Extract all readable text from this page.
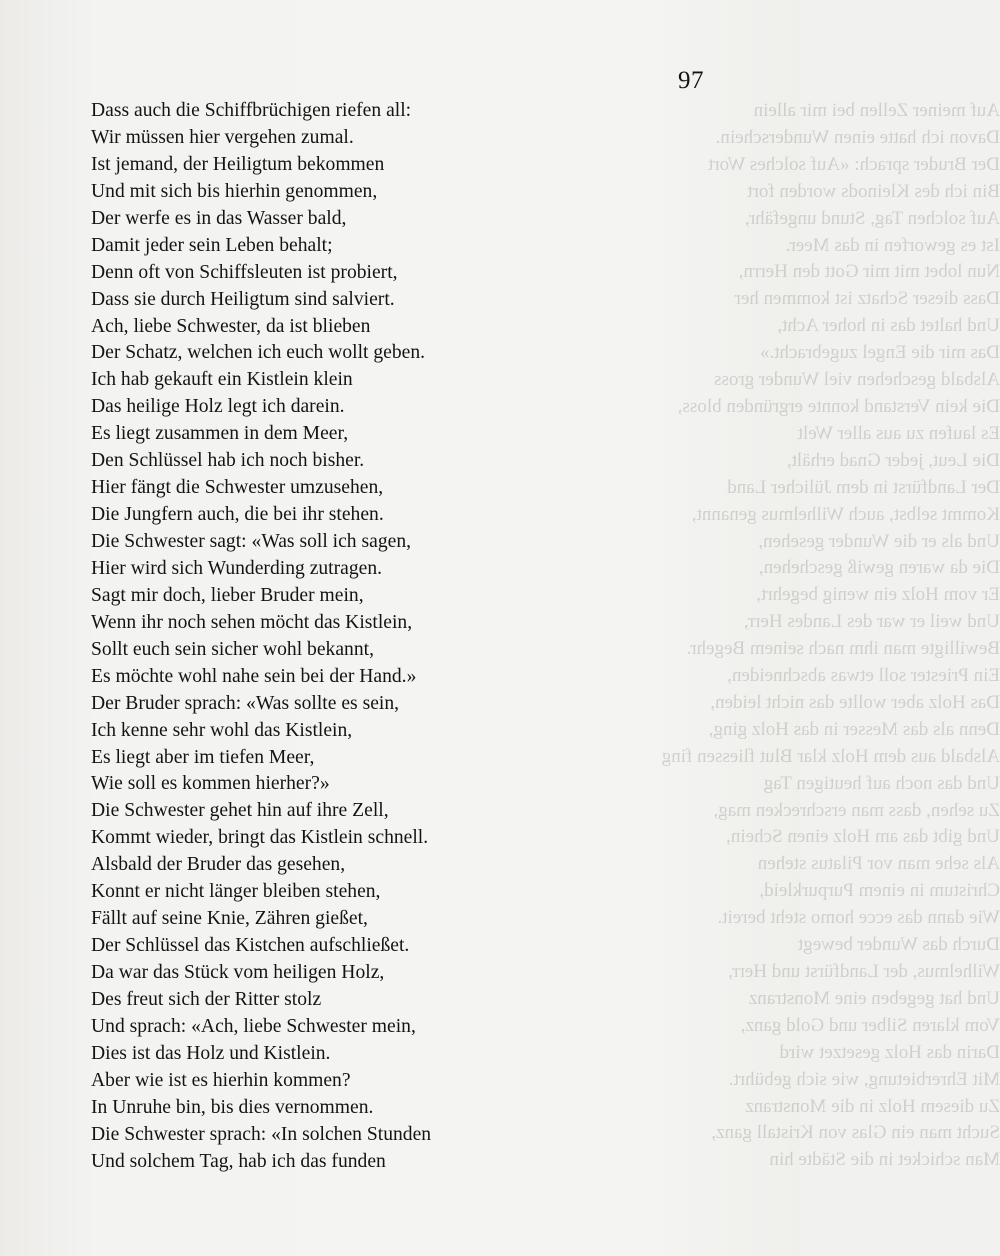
Auf meiner Zellen bei mir allein
Davon ich hatte einen Wunderschein.
Der Bruder sprach: «Auf solches Wort
Bin ich des Kleinods worden fort
Auf solchen Tag, Stund ungefähr,
Ist es geworfen in das Meer.
Nun lobet mit mir Gott den Herrn,
Dass dieser Schatz ist kommen her
Und haltet das in hoher Acht,
Das mir die Engel zugebracht.»
Alsbald geschehen viel Wunder gross
Die kein Verstand konnte ergründen bloss,
Es laufen zu aus aller Welt
Die Leut, jeder Gnad erhält,
Der Landfürst in dem Jülicher Land
Kommt selbst, auch Wilhelmus genannt,
Und als er die Wunder gesehen,
Die da waren gewiß geschehen,
Er vom Holz ein wenig begehrt,
Und weil er war des Landes Herr,
Bewilligte man ihm nach seinem Begehr.
Ein Priester soll etwas abschneiden,
Das Holz aber wollte das nicht leiden,
Denn als das Messer in das Holz ging,
Alsbald aus dem Holz klar Blut fliessen fing
Und das noch auf heutigen Tag
Zu sehen, dass man erschrecken mag,
Und gibt das am Holz einen Schein,
Als sehe man vor Pilatus stehen
Christum in einem Purpurkleid,
Wie dann das ecce homo steht bereit.
Durch das Wunder bewegt
Wilhelmus, der Landfürst und Herr,
Und hat gegeben eine Monstranz
Vom klaren Silber und Gold ganz,
Darin das Holz gesetzet wird
Mit Ehrerbietung, wie sich gebührt.
Zu diesem Holz in die Monstranz
Sucht man ein Glas von Kristall ganz,
Man schicket in die Städte hin
97
Dass auch die Schiffbrüchigen riefen all:
Wir müssen hier vergehen zumal.
Ist jemand, der Heiligtum bekommen
Und mit sich bis hierhin genommen,
Der werfe es in das Wasser bald,
Damit jeder sein Leben behalt;
Denn oft von Schiffsleuten ist probiert,
Dass sie durch Heiligtum sind salviert.
Ach, liebe Schwester, da ist blieben
Der Schatz, welchen ich euch wollt geben.
Ich hab gekauft ein Kistlein klein
Das heilige Holz legt ich darein.
Es liegt zusammen in dem Meer,
Den Schlüssel hab ich noch bisher.
Hier fängt die Schwester umzusehen,
Die Jungfern auch, die bei ihr stehen.
Die Schwester sagt: «Was soll ich sagen,
Hier wird sich Wunderding zutragen.
Sagt mir doch, lieber Bruder mein,
Wenn ihr noch sehen möcht das Kistlein,
Sollt euch sein sicher wohl bekannt,
Es möchte wohl nahe sein bei der Hand.»
Der Bruder sprach: «Was sollte es sein,
Ich kenne sehr wohl das Kistlein,
Es liegt aber im tiefen Meer,
Wie soll es kommen hierher?»
Die Schwester gehet hin auf ihre Zell,
Kommt wieder, bringt das Kistlein schnell.
Alsbald der Bruder das gesehen,
Konnt er nicht länger bleiben stehen,
Fällt auf seine Knie, Zähren gießet,
Der Schlüssel das Kistchen aufschließet.
Da war das Stück vom heiligen Holz,
Des freut sich der Ritter stolz
Und sprach: «Ach, liebe Schwester mein,
Dies ist das Holz und Kistlein.
Aber wie ist es hierhin kommen?
In Unruhe bin, bis dies vernommen.
Die Schwester sprach: «In solchen Stunden
Und solchem Tag, hab ich das funden
